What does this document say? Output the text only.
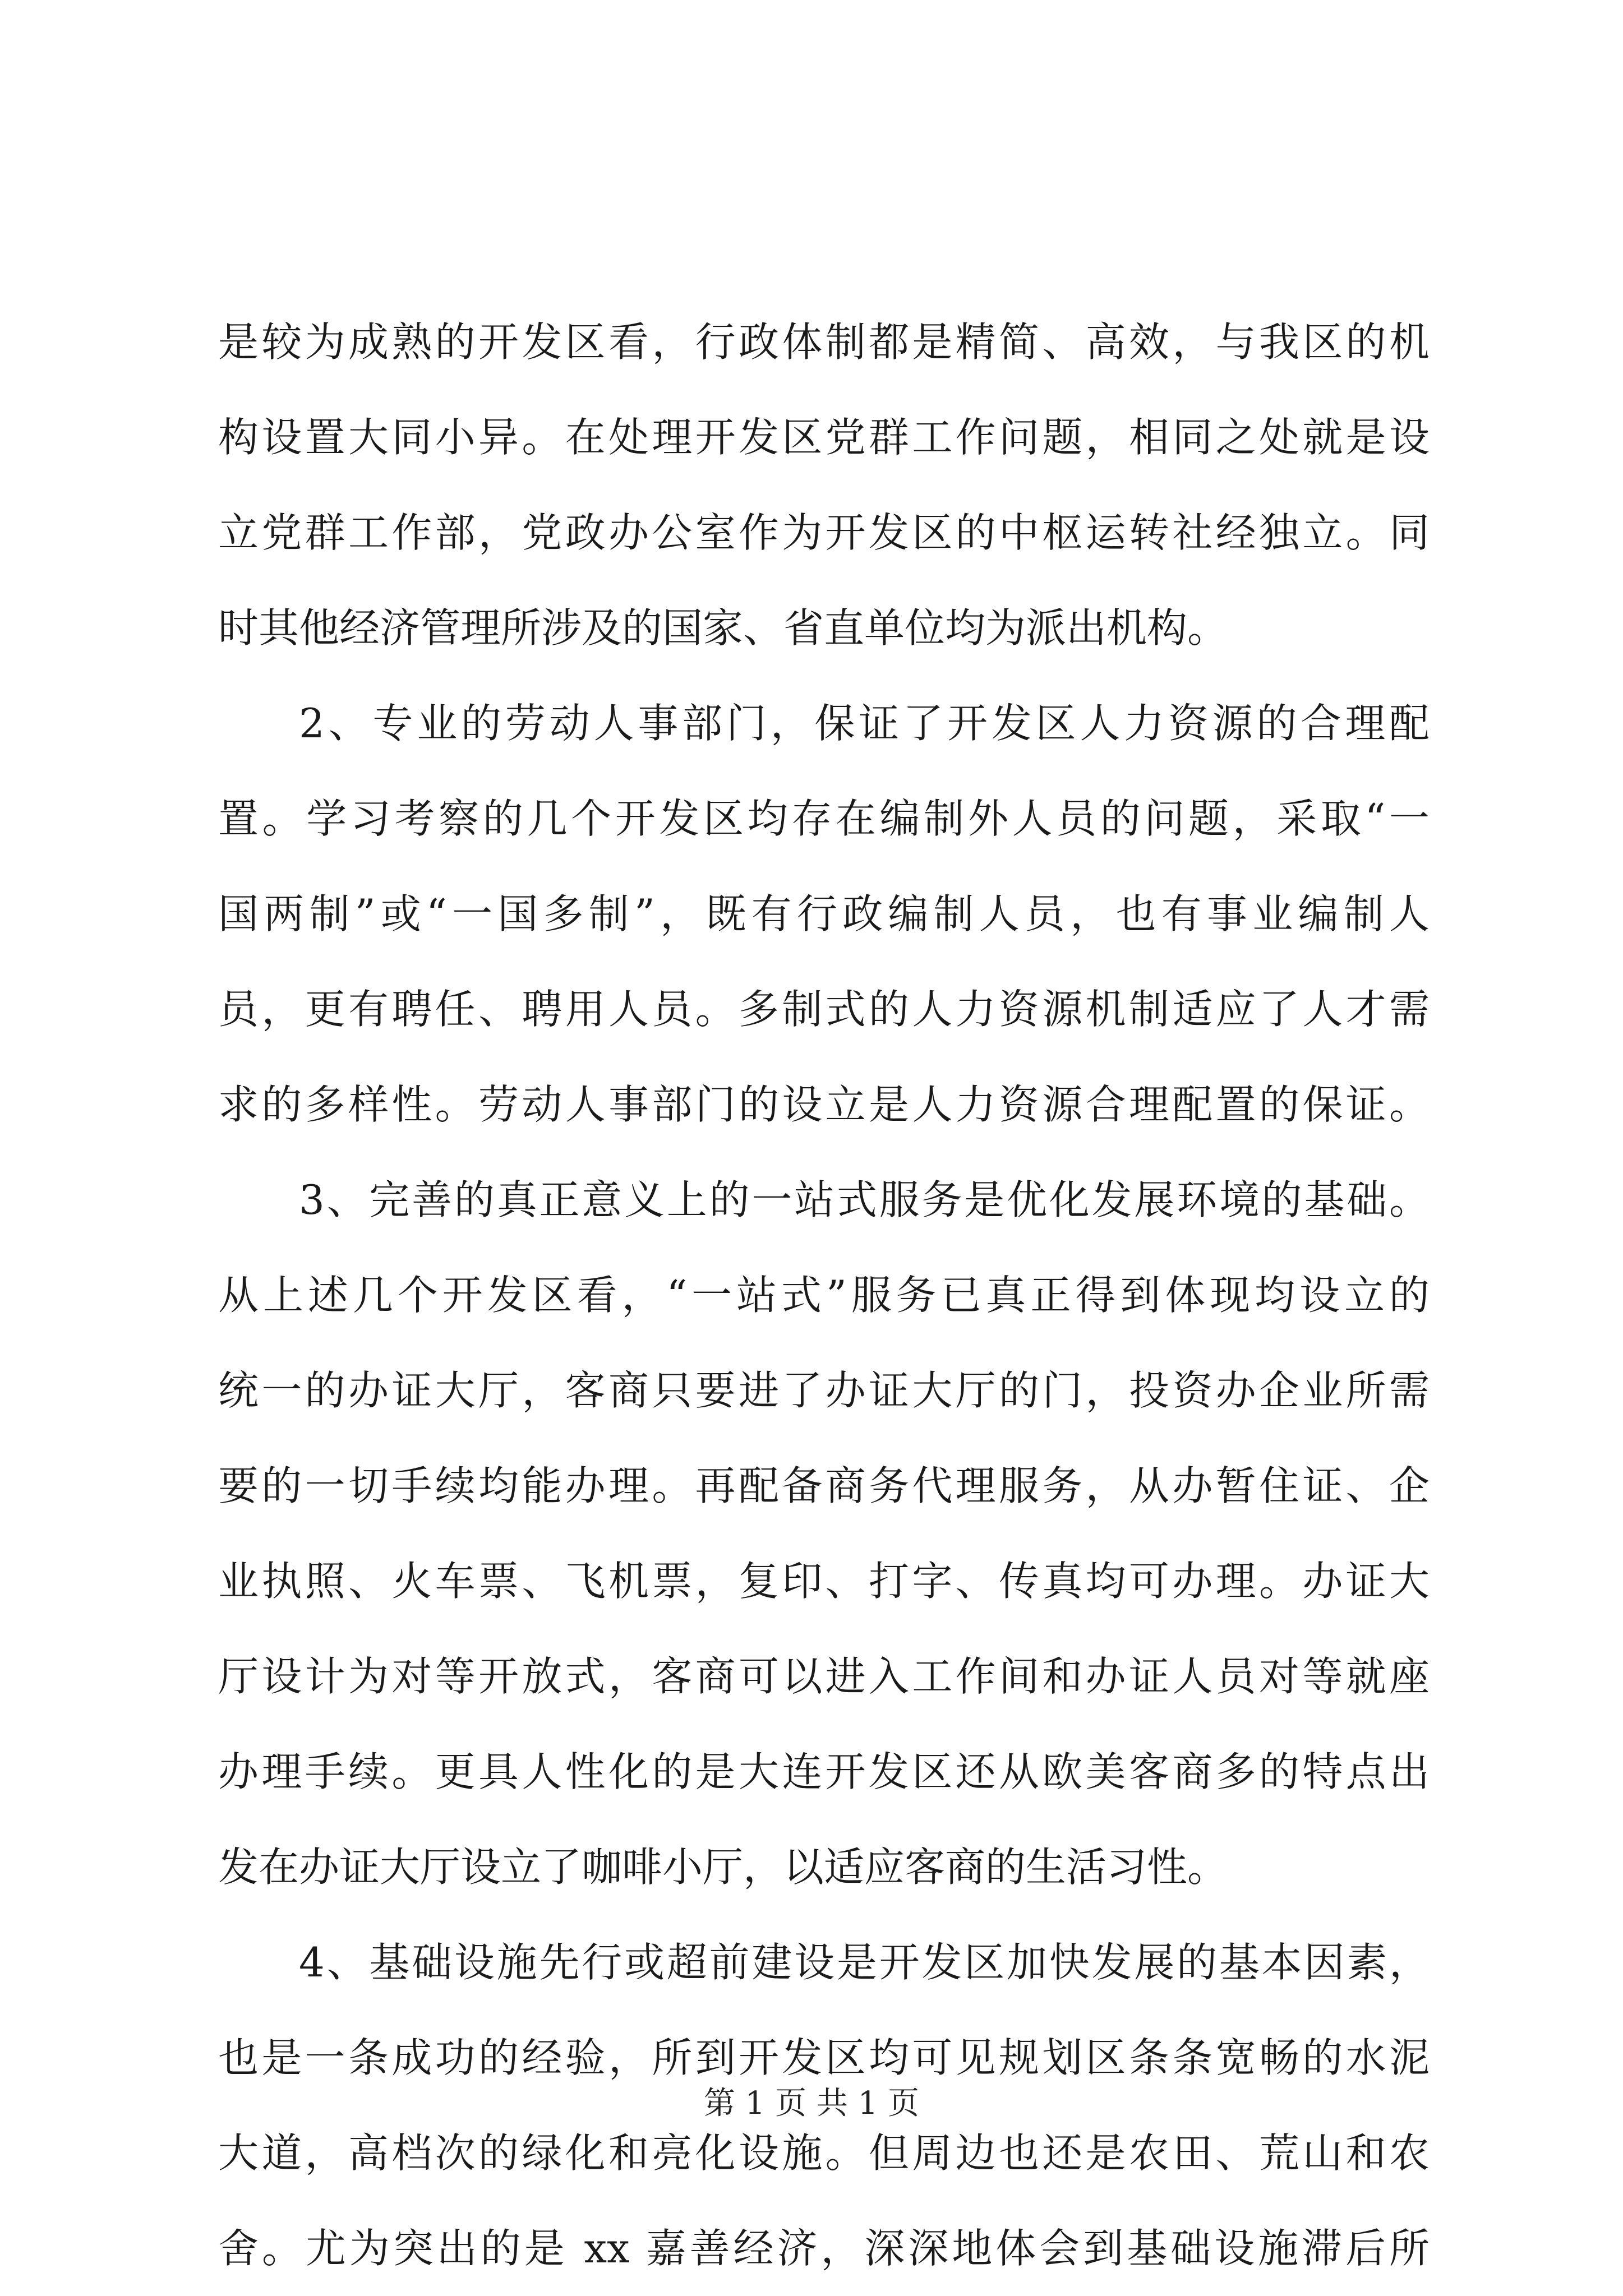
是较为成熟的开发区看，行政体制都是精简、高效，与我区的机
构设置大同小异。在处理开发区党群工作问题，相同之处就是设
立党群工作部，党政办公室作为开发区的中枢运转社经独立。同
时其他经济管理所涉及的国家、省直单位均为派出机构。
2、专业的劳动人事部门，保证了开发区人力资源的合理配
置。学习考察的几个开发区均存在编制外人员的问题，采取“一
国两制”或“一国多制”，既有行政编制人员，也有事业编制人
员，更有聘任、聘用人员。多制式的人力资源机制适应了人才需
求的多样性。劳动人事部门的设立是人力资源合理配置的保证。
3、完善的真正意义上的一站式服务是优化发展环境的基础。
从上述几个开发区看，“一站式”服务已真正得到体现均设立的
统一的办证大厅，客商只要进了办证大厅的门，投资办企业所需
要的一切手续均能办理。再配备商务代理服务，从办暂住证、企
业执照、火车票、飞机票，复印、打字、传真均可办理。办证大
厅设计为对等开放式，客商可以进入工作间和办证人员对等就座
办理手续。更具人性化的是大连开发区还从欧美客商多的特点出
发在办证大厅设立了咖啡小厅，以适应客商的生活习性。
4、基础设施先行或超前建设是开发区加快发展的基本因素，
也是一条成功的经验，所到开发区均可见规划区条条宽畅的水泥
大道，高档次的绿化和亮化设施。但周边也还是农田、荒山和农
舍。尤为突出的是 xx 嘉善经济，深深地体会到基础设施滞后所
第 1 页 共 1 页
